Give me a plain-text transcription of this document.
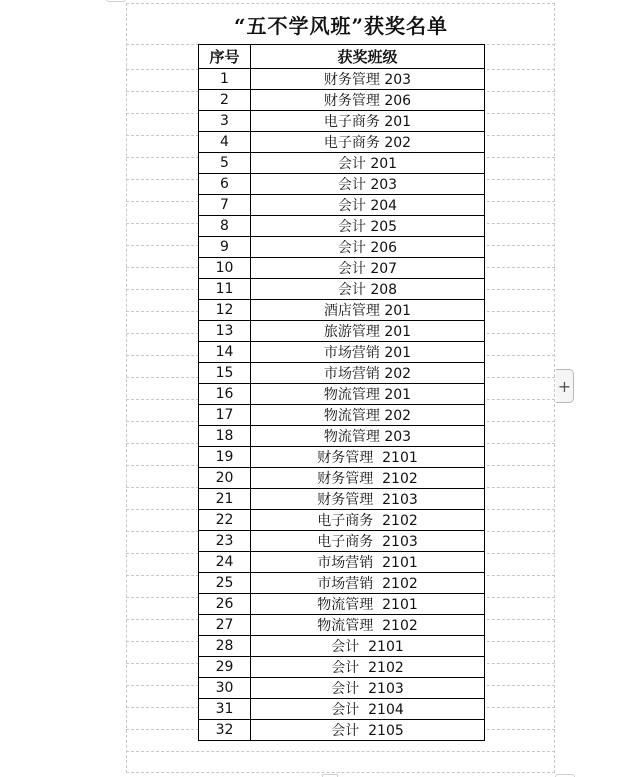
“五不学风班”获奖名单
序号	获奖班级
1	财务管理 203
2	财务管理 206
3	电子商务 201
4	电子商务 202
5	会计 201
6	会计 203
7	会计 204
8	会计 205
9	会计 206
10	会计 207
11	会计 208
12	酒店管理 201
13	旅游管理 201
14	市场营销 201
15	市场营销 202
16	物流管理 201
17	物流管理 202
18	物流管理 203
19	财务管理  2101
20	财务管理  2102
21	财务管理  2103
22	电子商务  2102
23	电子商务  2103
24	市场营销  2101
25	市场营销  2102
26	物流管理  2101
27	物流管理  2102
28	会计  2101
29	会计  2102
30	会计  2103
31	会计  2104
32	会计  2105
+
